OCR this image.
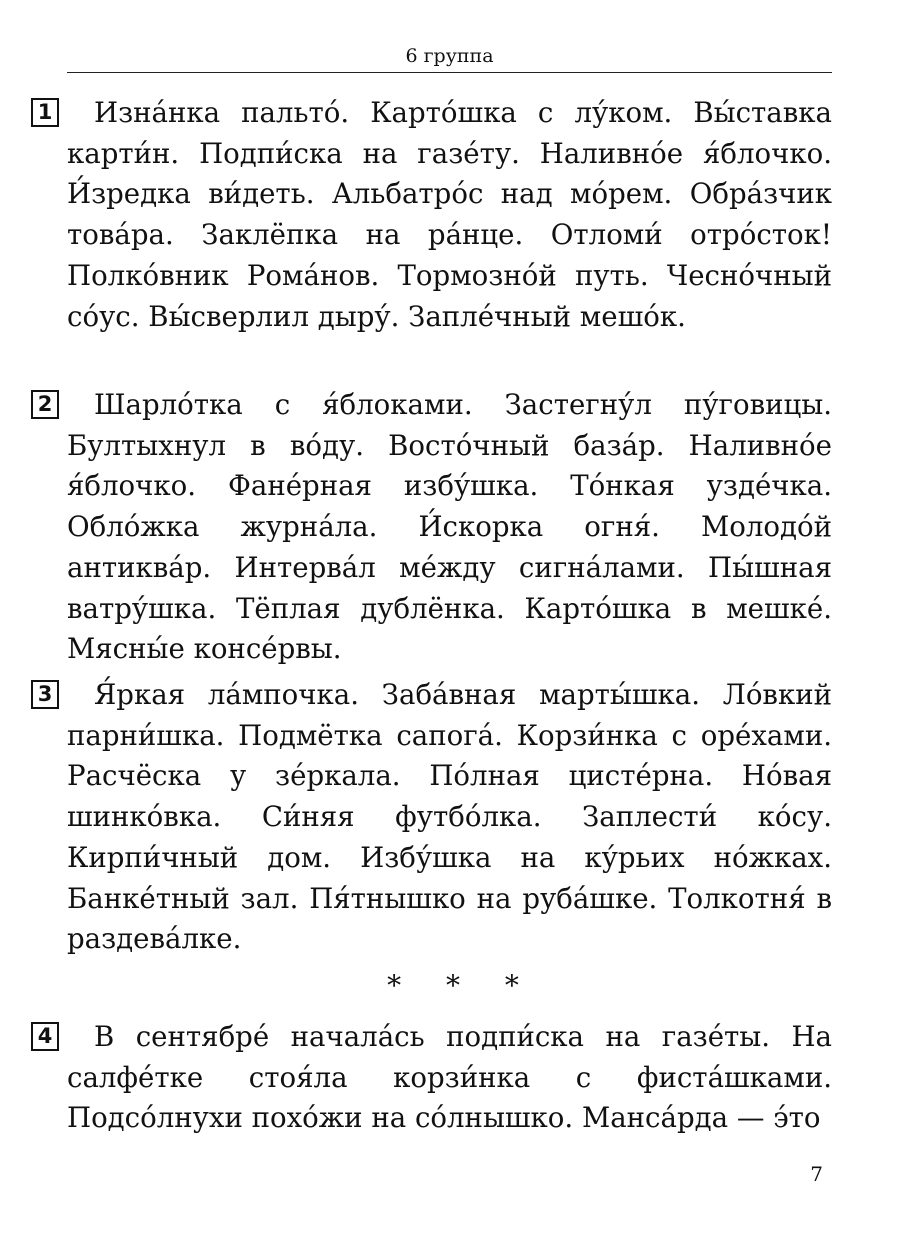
6 группа
1	Изна́нка пальто́. Карто́шка с лу́ком. Вы́ставка карти́н. Подпи́ска на газе́ту. Наливно́е я́блочко. И́зредка ви́деть. Альбатро́с над мо́рем. Обра́зчик това́ра. Заклёпка на ра́нце. Отломи́ отро́сток! Полко́вник Рома́нов. Тормозно́й путь. Чесно́чный со́ус. Вы́сверлил дыру́. Запле́чный мешо́к.

2	Шарло́тка с я́блоками. Застегну́л пу́говицы. Бултыхнул в во́ду. Восто́чный база́р. Наливно́е я́блочко. Фане́рная избу́шка. То́нкая узде́чка. Обло́жка журна́ла. И́скорка огня́. Молодо́й антиква́р. Интерва́л ме́жду сигна́лами. Пы́шная ватру́шка. Тёплая дублёнка. Карто́шка в мешке́. Мясны́е консе́рвы.

3	Я́ркая ла́мпочка. Заба́вная марты́шка. Ло́вкий парни́шка. Подмётка сапога́. Корзи́нка с оре́хами. Расчёска у зе́ркала. По́лная цисте́рна. Но́вая шинко́вка. Си́няя футбо́лка. Заплести́ ко́су. Кирпи́чный дом. Избу́шка на ку́рьих но́жках. Банке́тный зал. Пя́тнышко на руба́шке. Толкотня́ в раздева́лке.

* * *
4	В сентябре́ начала́сь подпи́ска на газе́ты. На салфе́тке стоя́ла корзи́нка с фиста́шками. Подсо́лнухи похо́жи на со́лнышко. Манса́рда — э́то

7
